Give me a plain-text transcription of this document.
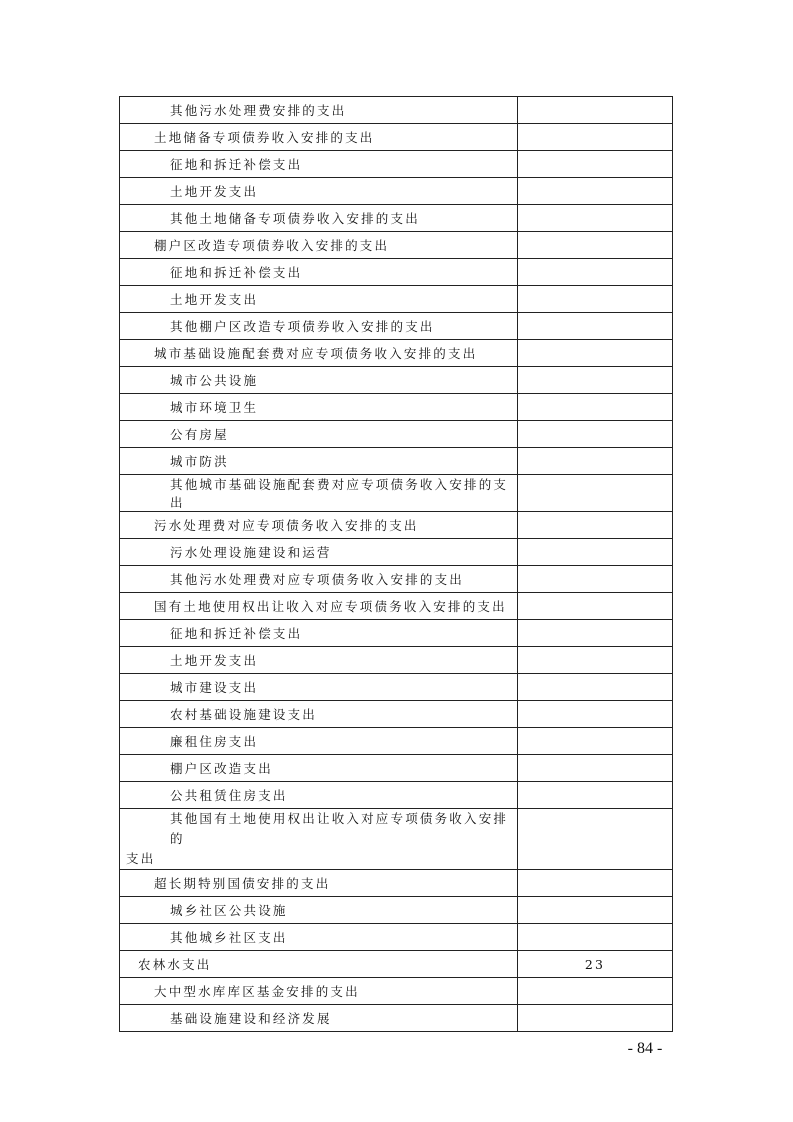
其他污水处理费安排的支出	
土地储备专项债券收入安排的支出	
征地和拆迁补偿支出	
土地开发支出	
其他土地储备专项债券收入安排的支出	
棚户区改造专项债券收入安排的支出	
征地和拆迁补偿支出	
土地开发支出	
其他棚户区改造专项债券收入安排的支出	
城市基础设施配套费对应专项债务收入安排的支出	
城市公共设施	
城市环境卫生	
公有房屋	
城市防洪	
其他城市基础设施配套费对应专项债务收入安排的支出	
污水处理费对应专项债务收入安排的支出	
污水处理设施建设和运营	
其他污水处理费对应专项债务收入安排的支出	
国有土地使用权出让收入对应专项债务收入安排的支出	
征地和拆迁补偿支出	
土地开发支出	
城市建设支出	
农村基础设施建设支出	
廉租住房支出	
棚户区改造支出	
公共租赁住房支出	

其他国有土地使用权出让收入对应专项债务收入安排的
支出	

超长期特别国债安排的支出	
城乡社区公共设施	
其他城乡社区支出	
农林水支出	23
大中型水库库区基金安排的支出	
基础设施建设和经济发展	
- 84 -
